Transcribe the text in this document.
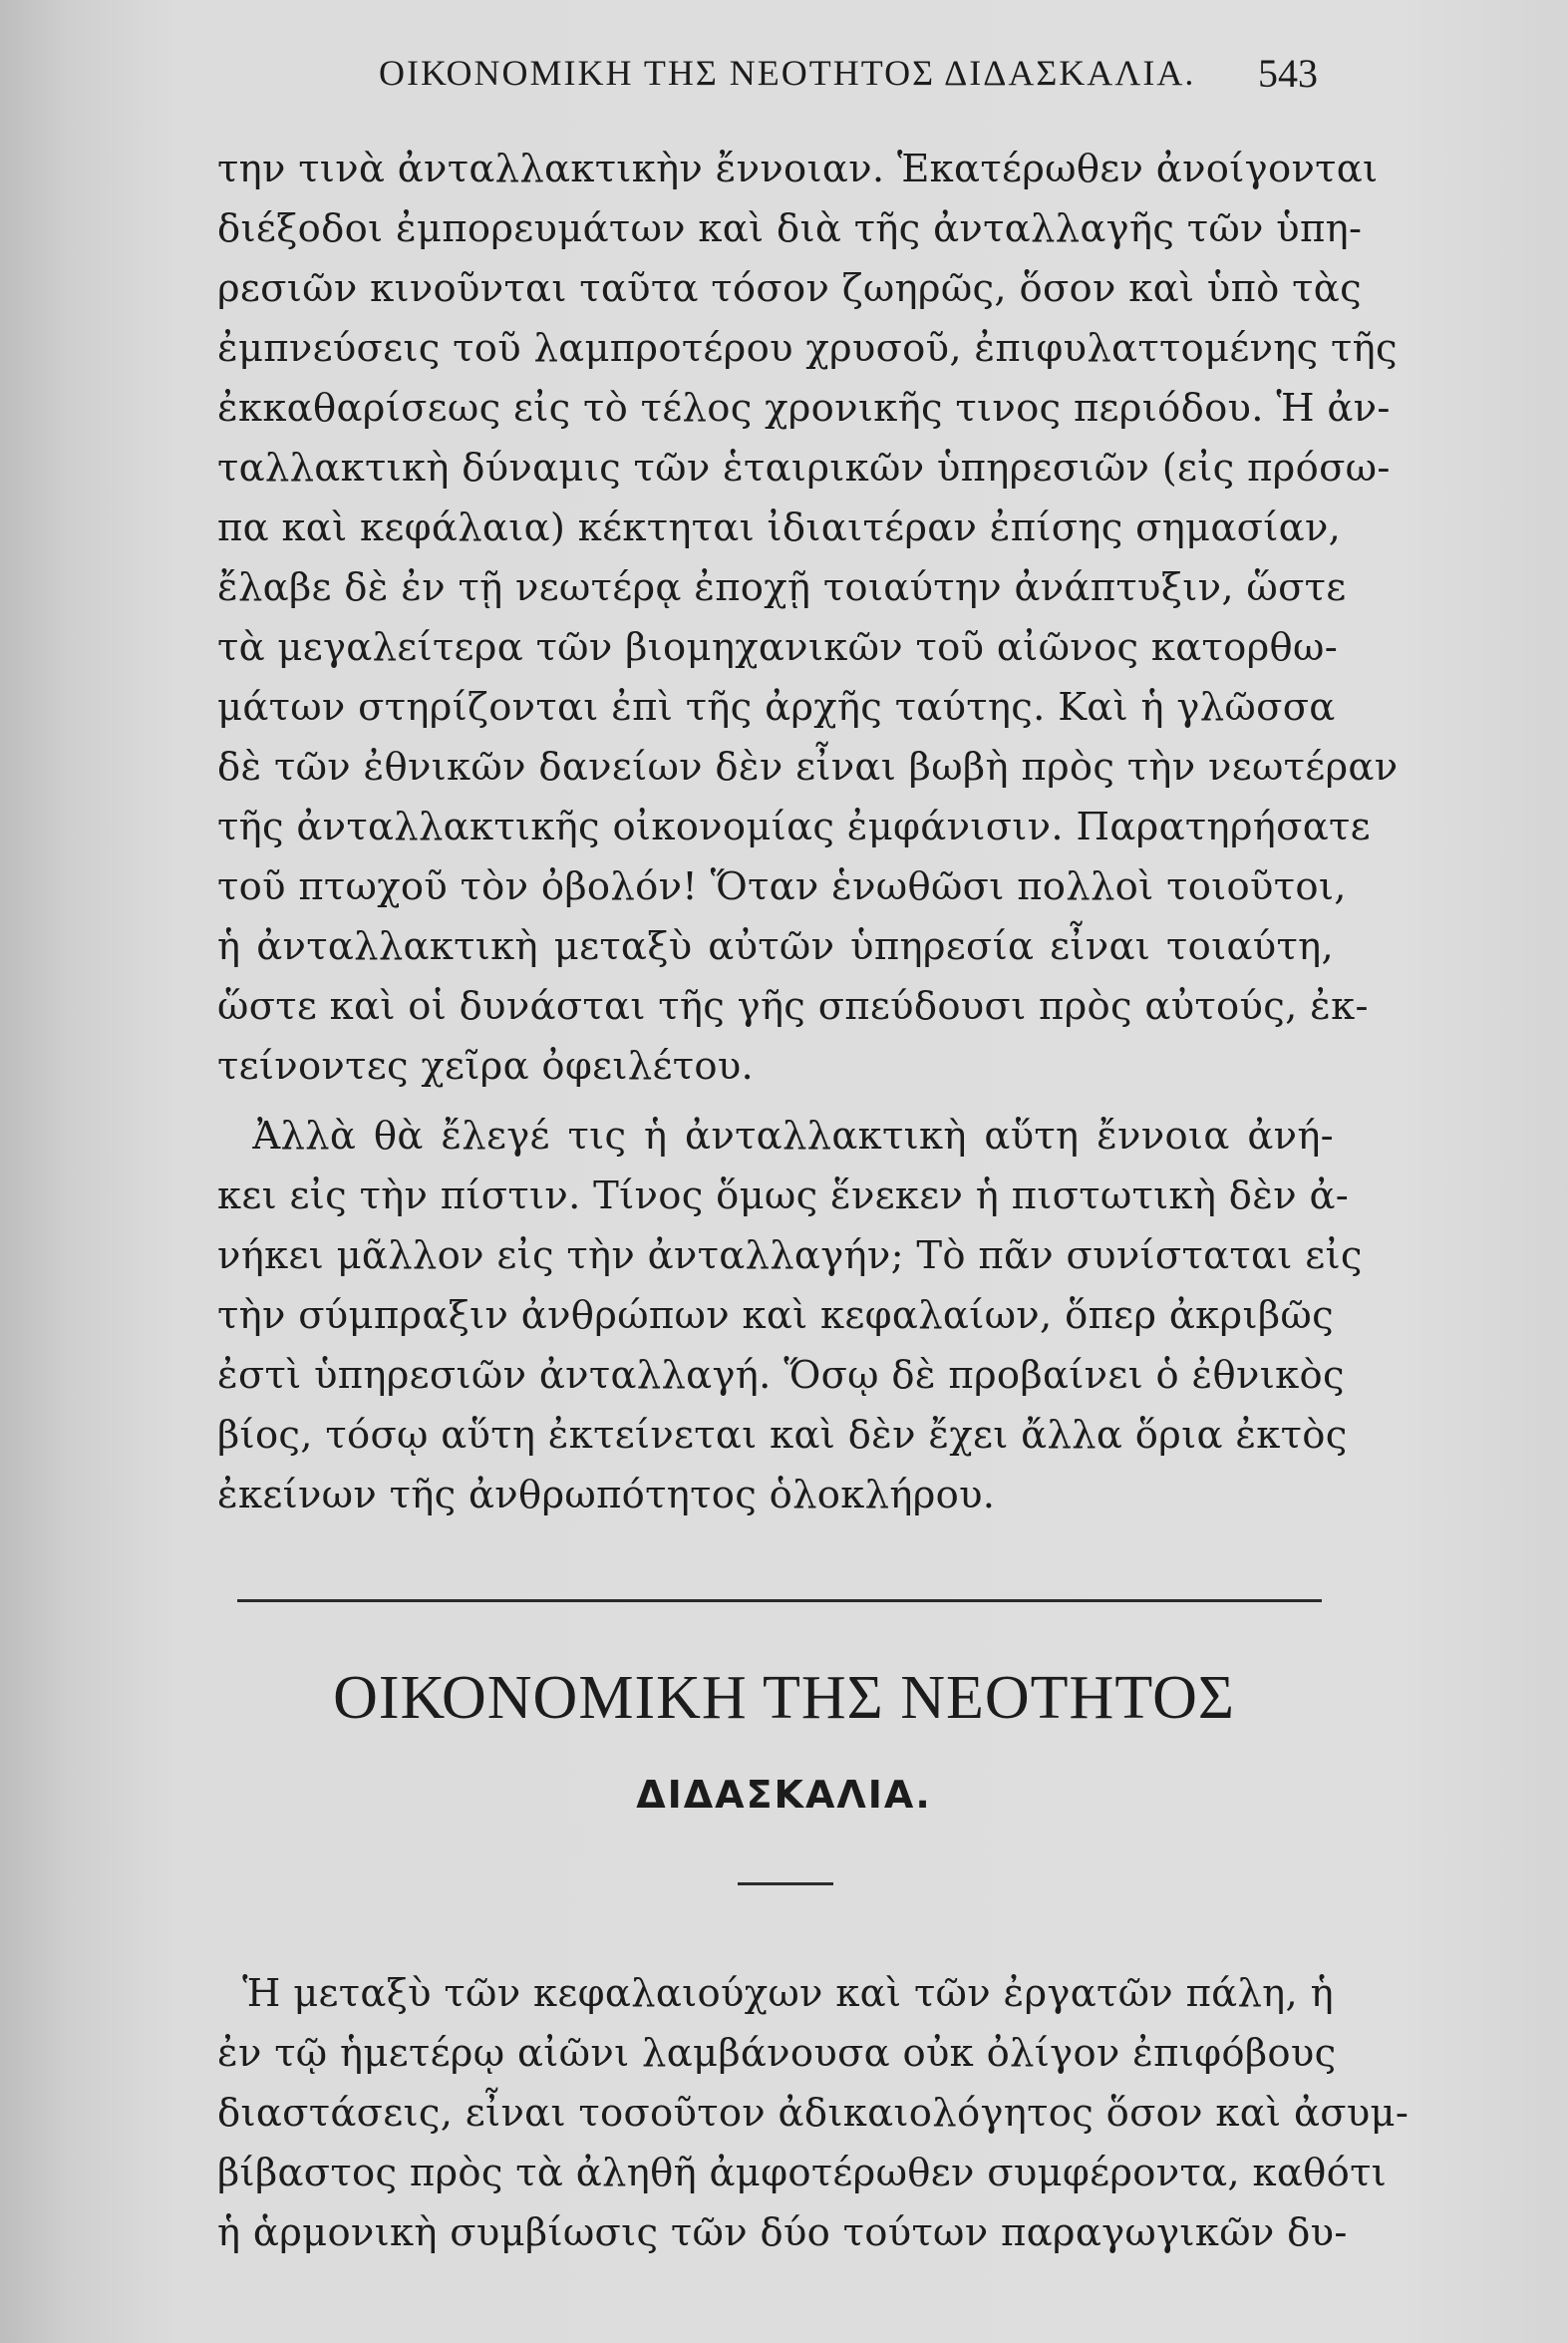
ΟΙΚΟΝΟΜΙΚΗ ΤΗΣ ΝΕΟΤΗΤΟΣ ΔΙΔΑΣΚΑΛΙΑ. 543
την τινὰ ἀνταλλακτικὴν ἔννοιαν. Ἑκατέρωθεν ἀνοίγονται
διέξοδοι ἐμπορευμάτων καὶ διὰ τῆς ἀνταλλαγῆς τῶν ὑπη-
ρεσιῶν κινοῦνται ταῦτα τόσον ζωηρῶς, ὅσον καὶ ὑπὸ τὰς
ἐμπνεύσεις τοῦ λαμπροτέρου χρυσοῦ, ἐπιφυλαττομένης τῆς
ἐκκαθαρίσεως εἰς τὸ τέλος χρονικῆς τινος περιόδου. Ἡ ἀν-
ταλλακτικὴ δύναμις τῶν ἑταιρικῶν ὑπηρεσιῶν (εἰς πρόσω-
πα καὶ κεφάλαια) κέκτηται ἰδιαιτέραν ἐπίσης σημασίαν,
ἔλαβε δὲ ἐν τῇ νεωτέρᾳ ἐποχῇ τοιαύτην ἀνάπτυξιν, ὥστε
τὰ μεγαλείτερα τῶν βιομηχανικῶν τοῦ αἰῶνος κατορθω-
μάτων στηρίζονται ἐπὶ τῆς ἀρχῆς ταύτης. Καὶ ἡ γλῶσσα
δὲ τῶν ἐθνικῶν δανείων δὲν εἶναι βωβὴ πρὸς τὴν νεωτέραν
τῆς ἀνταλλακτικῆς οἰκονομίας ἐμφάνισιν. Παρατηρήσατε
τοῦ πτωχοῦ τὸν ὀβολόν! Ὅταν ἑνωθῶσι πολλοὶ τοιοῦτοι,
ἡ ἀνταλλακτικὴ μεταξὺ αὐτῶν ὑπηρεσία εἶναι τοιαύτη,
ὥστε καὶ οἱ δυνάσται τῆς γῆς σπεύδουσι πρὸς αὐτούς, ἐκ-
τείνοντες χεῖρα ὀφειλέτου.
Ἀλλὰ θὰ ἔλεγέ τις ἡ ἀνταλλακτικὴ αὕτη ἔννοια ἀνή-
κει εἰς τὴν πίστιν. Τίνος ὅμως ἕνεκεν ἡ πιστωτικὴ δὲν ἀ-
νήκει μᾶλλον εἰς τὴν ἀνταλλαγήν; Τὸ πᾶν συνίσταται εἰς
τὴν σύμπραξιν ἀνθρώπων καὶ κεφαλαίων, ὅπερ ἀκριβῶς
ἐστὶ ὑπηρεσιῶν ἀνταλλαγή. Ὅσῳ δὲ προβαίνει ὁ ἐθνικὸς
βίος, τόσῳ αὕτη ἐκτείνεται καὶ δὲν ἔχει ἄλλα ὅρια ἐκτὸς
ἐκείνων τῆς ἀνθρωπότητος ὁλοκλήρου.
ΟΙΚΟΝΟΜΙΚΗ ΤΗΣ ΝΕΟΤΗΤΟΣ
ΔΙΔΑΣΚΑΛΙΑ.
Ἡ μεταξὺ τῶν κεφαλαιούχων καὶ τῶν ἐργατῶν πάλη, ἡ
ἐν τῷ ἡμετέρῳ αἰῶνι λαμβάνουσα οὐκ ὀλίγον ἐπιφόβους
διαστάσεις, εἶναι τοσοῦτον ἀδικαιολόγητος ὅσον καὶ ἀσυμ-
βίβαστος πρὸς τὰ ἀληθῆ ἀμφοτέρωθεν συμφέροντα, καθότι
ἡ ἁρμονικὴ συμβίωσις τῶν δύο τούτων παραγωγικῶν δυ-
